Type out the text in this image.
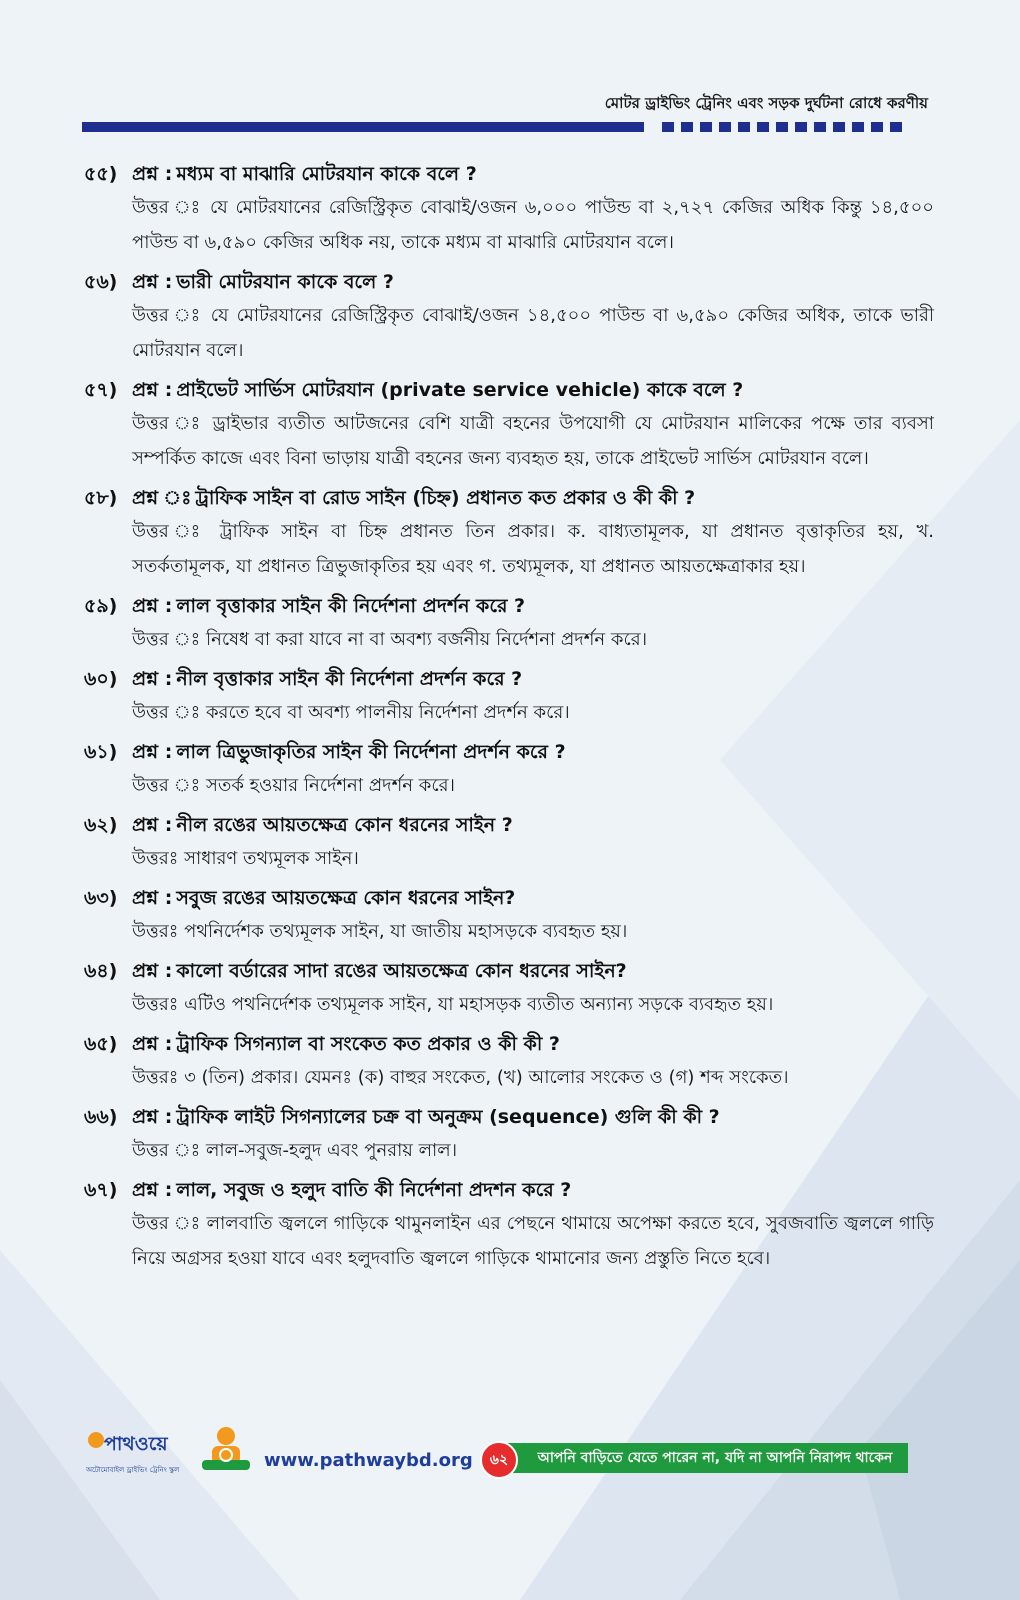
মোটর ড্রাইভিং ট্রেনিং এবং সড়ক দুর্ঘটনা রোধে করণীয়
৫৫) প্রশ্ন : মধ্যম বা মাঝারি মোটরযান কাকে বলে ?
উত্তর ঃ যে মোটরযানের রেজিস্ট্রিকৃত বোঝাই/ওজন ৬,০০০ পাউন্ড বা ২,৭২৭ কেজির অধিক কিন্তু ১৪,৫০০ পাউন্ড বা ৬,৫৯০ কেজির অধিক নয়, তাকে মধ্যম বা মাঝারি মোটরযান বলে।
৫৬) প্রশ্ন : ভারী মোটরযান কাকে বলে ?
উত্তর ঃ যে মোটরযানের রেজিস্ট্রিকৃত বোঝাই/ওজন ১৪,৫০০ পাউন্ড বা ৬,৫৯০ কেজির অধিক, তাকে ভারী মোটরযান বলে।
৫৭) প্রশ্ন : প্রাইভেট সার্ভিস মোটরযান (private service vehicle) কাকে বলে ?
উত্তর ঃ ড্রাইভার ব্যতীত আটজনের বেশি যাত্রী বহনের উপযোগী যে মোটরযান মালিকের পক্ষে তার ব্যবসা সম্পর্কিত কাজে এবং বিনা ভাড়ায় যাত্রী বহনের জন্য ব্যবহৃত হয়, তাকে প্রাইভেট সার্ভিস মোটরযান বলে।
৫৮) প্রশ্ন ঃ ট্রাফিক সাইন বা রোড সাইন (চিহ্ন) প্রধানত কত প্রকার ও কী কী ?
উত্তর ঃ ট্রাফিক সাইন বা চিহ্ন প্রধানত তিন প্রকার। ক. বাধ্যতামূলক, যা প্রধানত বৃত্তাকৃতির হয়, খ. সতর্কতামূলক, যা প্রধানত ত্রিভুজাকৃতির হয় এবং গ. তথ্যমূলক, যা প্রধানত আয়তক্ষেত্রাকার হয়।
৫৯) প্রশ্ন : লাল বৃত্তাকার সাইন কী নির্দেশনা প্রদর্শন করে ?
উত্তর ঃ নিষেধ বা করা যাবে না বা অবশ্য বর্জনীয় নির্দেশনা প্রদর্শন করে।
৬০) প্রশ্ন : নীল বৃত্তাকার সাইন কী নির্দেশনা প্রদর্শন করে ?
উত্তর ঃ করতে হবে বা অবশ্য পালনীয় নির্দেশনা প্রদর্শন করে।
৬১) প্রশ্ন : লাল ত্রিভুজাকৃতির সাইন কী নির্দেশনা প্রদর্শন করে ?
উত্তর ঃ সতর্ক হওয়ার নির্দেশনা প্রদর্শন করে।
৬২) প্রশ্ন : নীল রঙের আয়তক্ষেত্র কোন ধরনের সাইন ?
উত্তরঃ সাধারণ তথ্যমূলক সাইন।
৬৩) প্রশ্ন : সবুজ রঙের আয়তক্ষেত্র কোন ধরনের সাইন?
উত্তরঃ পথনির্দেশক তথ্যমূলক সাইন, যা জাতীয় মহাসড়কে ব্যবহৃত হয়।
৬৪) প্রশ্ন : কালো বর্ডারের সাদা রঙের আয়তক্ষেত্র কোন ধরনের সাইন?
উত্তরঃ এটিও পথনির্দেশক তথ্যমূলক সাইন, যা মহাসড়ক ব্যতীত অন্যান্য সড়কে ব্যবহৃত হয়।
৬৫) প্রশ্ন : ট্রাফিক সিগন্যাল বা সংকেত কত প্রকার ও কী কী ?
উত্তরঃ ৩ (তিন) প্রকার। যেমনঃ (ক) বাহুর সংকেত, (খ) আলোর সংকেত ও (গ) শব্দ সংকেত।
৬৬) প্রশ্ন : ট্রাফিক লাইট সিগন্যালের চক্র বা অনুক্রম (sequence) গুলি কী কী ?
উত্তর ঃ লাল-সবুজ-হলুদ এবং পুনরায় লাল।
৬৭) প্রশ্ন : লাল, সবুজ ও হলুদ বাতি কী নির্দেশনা প্রদশন করে ?
উত্তর ঃ লালবাতি জ্বললে গাড়িকে থামুনলাইন এর পেছনে থামায়ে অপেক্ষা করতে হবে, সুবজবাতি জ্বললে গাড়ি নিয়ে অগ্রসর হওয়া যাবে এবং হলুদবাতি জ্বললে গাড়িকে থামানোর জন্য প্রস্তুতি নিতে হবে।
পাথওয়ে
অটোমোবাইল ড্রাইভিং ট্রেনিং স্কুল	www.pathwaybd.org	আপনি বাড়িতে যেতে পারেন না, যদি না আপনি নিরাপদ থাকেন
৬২
